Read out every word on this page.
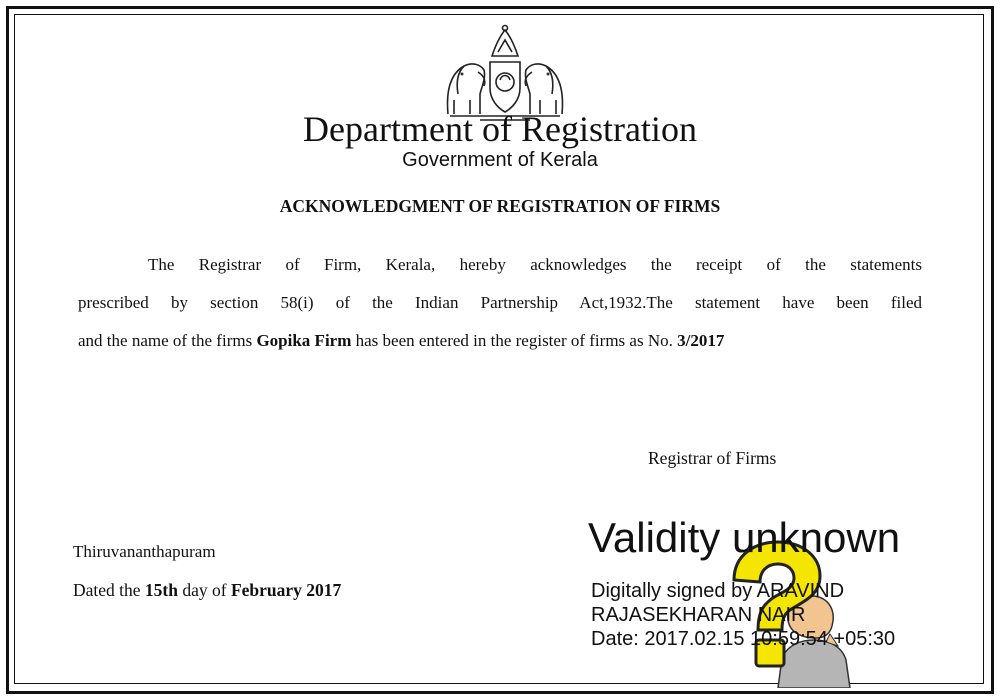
Department of Registration
Government of Kerala
ACKNOWLEDGMENT OF REGISTRATION OF FIRMS
The Registrar of Firm, Kerala, hereby acknowledges the receipt of the statements
prescribed by section 58(i) of the Indian Partnership Act,1932.The statement have been filed
and the name of the firms Gopika Firm has been entered in the register of firms as No. 3/2017
Registrar of Firms
Thiruvananthapuram
Dated the 15th day of February 2017
Validity unknown
Digitally signed by ARAVIND
RAJASEKHARAN NAIR
Date: 2017.02.15 10:59:54 +05:30
